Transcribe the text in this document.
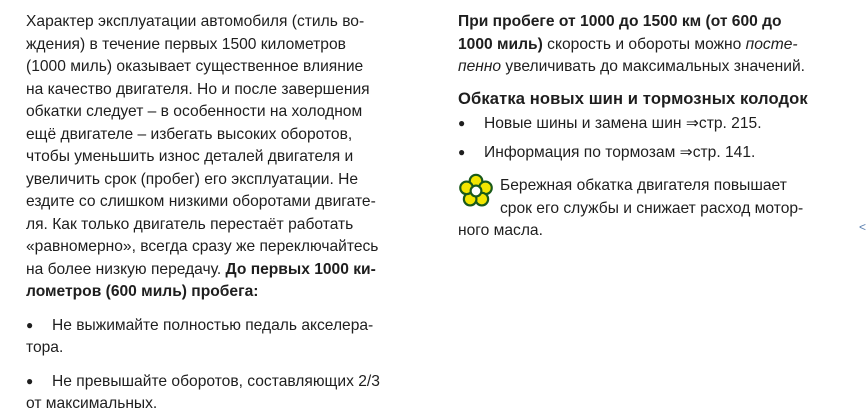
Характер эксплуатации автомобиля (стиль во-
ждения) в течение первых 1500 километров
(1000 миль) оказывает существенное влияние
на качество двигателя. Но и после завершения
обкатки следует – в особенности на холодном
ещё двигателе – избегать высоких оборотов,
чтобы уменьшить износ деталей двигателя и
увеличить срок (пробег) его эксплуатации. Не
ездите со слишком низкими оборотами двигате-
ля. Как только двигатель перестаёт работать
«равномерно», всегда сразу же переключайтесь
на более низкую передачу. До первых 1000 ки-
лометров (600 миль) пробега:

● Не выжимайте полностью педаль акселера-
тора.
● Не превышайте оборотов, составляющих 2/3
от максимальных.

При пробеге от 1000 до 1500 км (от 600 до
1000 миль) скорость и обороты можно посте-
пенно увеличивать до максимальных значений.

Обкатка новых шин и тормозных колодок
● Новые шины и замена шин ⇒стр. 215.
● Информация по тормозам ⇒стр. 141.
Бережная обкатка двигателя повышает
срок его службы и снижает расход мотор-
ного масла.	<
